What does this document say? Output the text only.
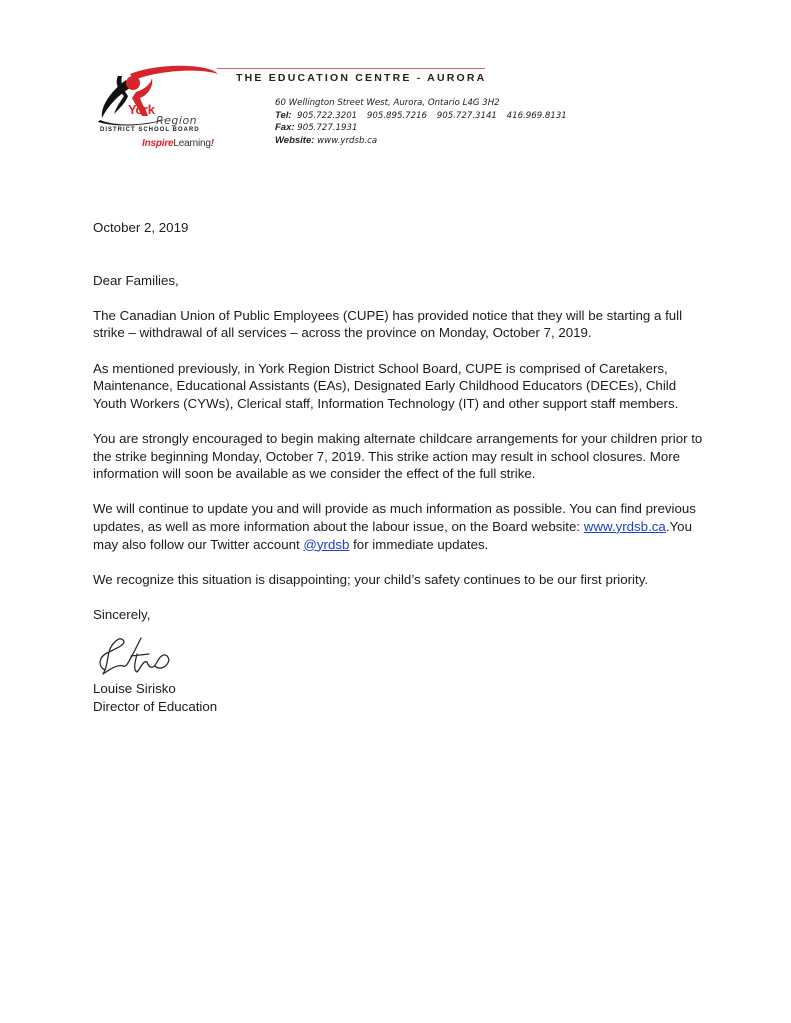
York
Region
DISTRICT SCHOOL BOARD
InspireLearning!
THE EDUCATION CENTRE - AURORA
60 Wellington Street West, Aurora, Ontario L4G 3H2
Tel: 905.722.3201 905.895.7216 905.727.3141 416.969.8131
Fax: 905.727.1931
Website: www.yrdsb.ca

October 2, 2019

Dear Families,

The Canadian Union of Public Employees (CUPE) has provided notice that they will be starting a full strike – withdrawal of all services – across the province on Monday, October 7, 2019.

As mentioned previously, in York Region District School Board, CUPE is comprised of Caretakers, Maintenance, Educational Assistants (EAs), Designated Early Childhood Educators (DECEs), Child Youth Workers (CYWs), Clerical staff, Information Technology (IT) and other support staff members.

You are strongly encouraged to begin making alternate childcare arrangements for your children prior to the strike beginning Monday, October 7, 2019. This strike action may result in school closures. More information will soon be available as we consider the effect of the full strike.

We will continue to update you and will provide as much information as possible. You can find previous updates, as well as more information about the labour issue, on the Board website: www.yrdsb.ca.You may also follow our Twitter account @yrdsb for immediate updates.

We recognize this situation is disappointing; your child’s safety continues to be our first priority.

Sincerely,

Louise Sirisko
Director of Education
